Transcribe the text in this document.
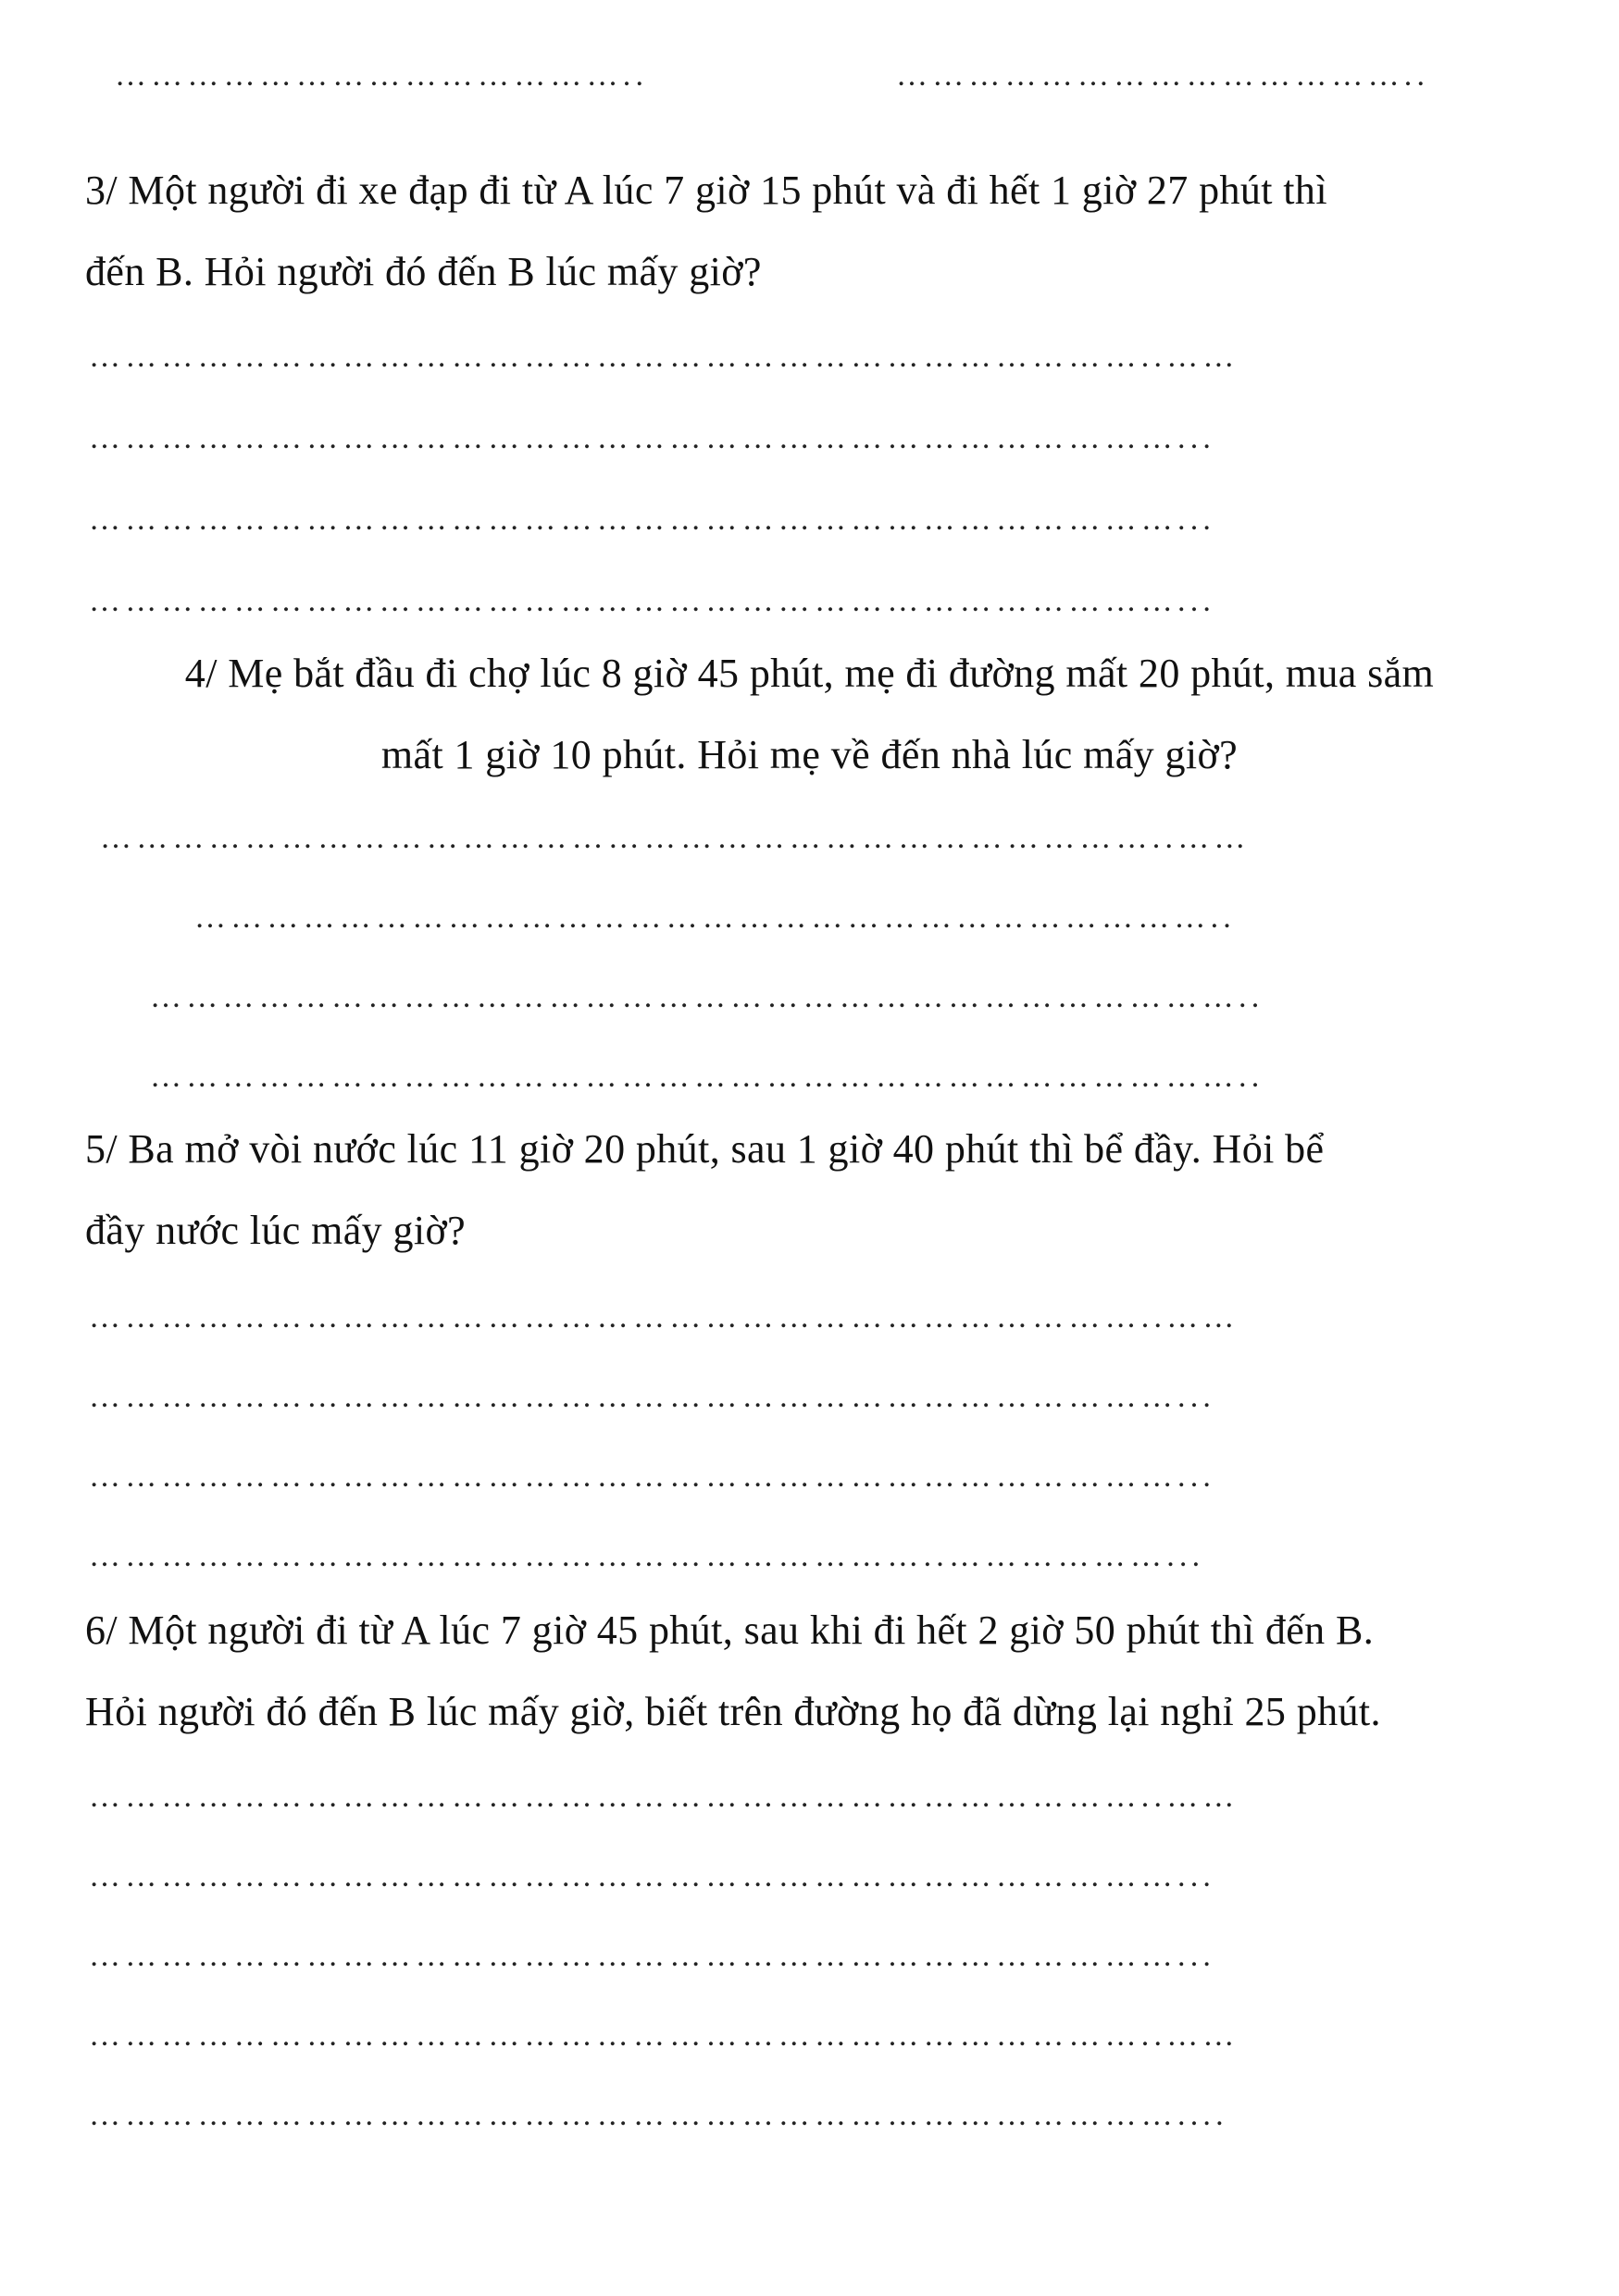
……………………………………..	……………………………………..
3/ Một người đi xe đạp đi từ A lúc 7 giờ 15 phút và đi hết 1 giờ 27 phút thì
đến B. Hỏi người đó đến B lúc mấy giờ?
……………………………………………………………………………..……
………………………………………………………………………………...
………………………………………………………………………………...
………………………………………………………………………………...
4/ Mẹ bắt đầu đi chợ lúc 8 giờ 45 phút, mẹ đi đường mất 20 phút, mua sắm
mất 1 giờ 10 phút. Hỏi mẹ về đến nhà lúc mấy giờ?
……………………………………………………………………………..……
…………………………………………………………………………..
………………………………………………………………………………..
………………………………………………………………………………..
5/ Ba mở vòi nước lúc 11 giờ 20 phút, sau 1 giờ 40 phút thì bể đầy. Hỏi bể
đầy nước lúc mấy giờ?
……………………………………………………………………………..……
………………………………………………………………………………...
………………………………………………………………………………...
……………………………………………………………..………………...
6/ Một người đi từ A lúc 7 giờ 45 phút, sau khi đi hết 2 giờ 50 phút thì đến B.
Hỏi người đó đến B lúc mấy giờ, biết trên đường họ đã dừng lại nghỉ 25 phút.
……………………………………………………………………………..……
………………………………………………………………………………...
………………………………………………………………………………...
……………………………………………………………………………..……
………………………………………………………………………………....
